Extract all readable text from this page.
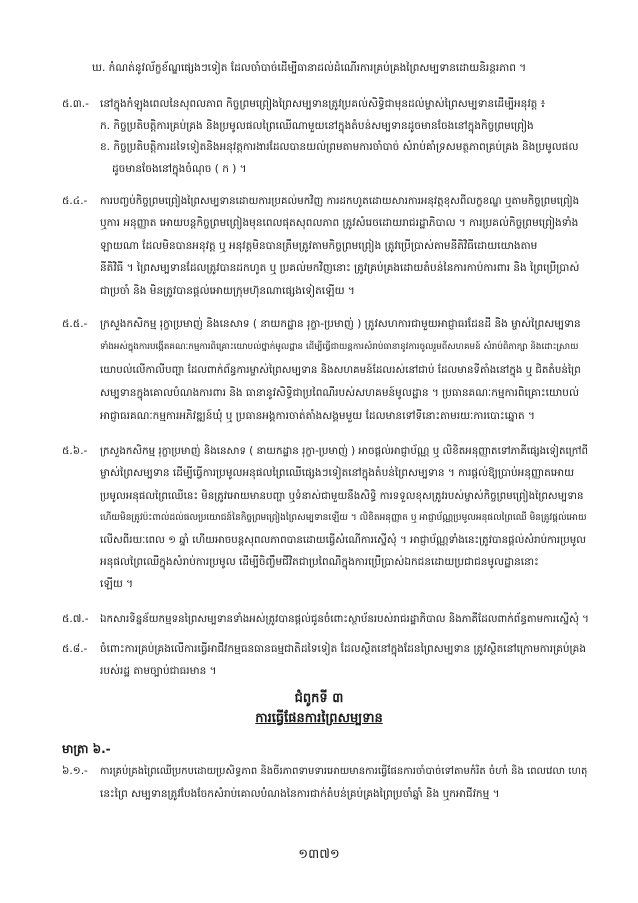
ឃ. កំណត់នូវល័ក្ខខ័ណ្ឌផ្សេងៗទៀត ដែលចាំបាច់ដើម្បីធានាដល់ដំណើរការគ្រប់គ្រងព្រៃសម្បទានដោយនិរន្តរភាព ។
៥.៣.- នៅក្នុងកំឡុងពេលនៃសុពលភាព កិច្ចព្រមព្រៀងព្រៃសម្បទានត្រូវប្រគល់សិទ្ធិជាមុនដល់ម្ចាស់ព្រៃសម្បទានដើម្បីអនុវត្ត ៖
ក. កិច្ចប្រតិបត្តិការគ្រប់គ្រង និងប្រមូលផលព្រៃឈើណាមួយនៅក្នុងតំបន់សម្បទានដូចមានចែងនៅក្នុងកិច្ចព្រមព្រៀង
ខ. កិច្ចប្រតិបត្តិការដទៃទៀតនិងអនុវត្តការងារដែលបានយល់ព្រមតាមការចាំបាច់ សំរាប់គាំទ្រសមត្ថភាពគ្រប់គ្រង និងប្រមូលផល
ដូចមានចែងនៅក្នុងចំណុច ( ក ) ។
៥.៤.- ការបញ្ចប់កិច្ចព្រមព្រៀងព្រៃសម្បទានដោយការប្រគល់មកវិញ ការដកហូតដោយសារការអនុវត្តខុសពីលក្ខខណ្ឌ ឬតាមកិច្ចព្រមព្រៀង
ឬការ អនុញ្ញាត អោយបន្តកិច្ចព្រមព្រៀងមុនពេលផុតសុពលភាព ត្រូវសំរេចដោយរាជរដ្ឋាភិបាល ។ ការប្រគល់កិច្ចព្រមព្រៀងទាំង
ឡាយណា ដែលមិនបានអនុវត្ត ឬ អនុវត្តមិនបានត្រឹមត្រូវតាមកិច្ចព្រមព្រៀង ត្រូវប្រើប្រាស់តាមនីតិវិធីដោយយោងតាម
នីតិវិធី ។ ព្រៃសម្បទានដែលត្រូវបានដកហូត ឬ ប្រគល់មកវិញនោះ ត្រូវគ្រប់គ្រងដោយតំបន់នៃការកាប់ការពារ និង ព្រៃប្រើប្រាស់
ជាប្រចាំ និង មិនត្រូវបានផ្តល់អោយក្រុមហ៊ុនណាផ្សេងទៀតឡើយ ។
៥.៥.- ក្រសួងកសិកម្ម រុក្ខាប្រមាញ់ និងនេសាទ ( នាយកដ្ឋាន រុក្ខា-ប្រមាញ់ ) ត្រូវសហការជាមួយអាជ្ញាធរដែនដី និង ម្ចាស់ព្រៃសម្បទាន
ទាំងអស់ក្នុងការបង្កើតគណៈកម្មការពិគ្រោះយោបល់ថ្នាក់មូលដ្ឋាន ដើម្បីធ្វើជាយន្តការសំរាប់ធានានូវការចូលរួមពីសហគមន៍ សំរាប់ពិភាក្សា និងដោះស្រាយ
យោបល់លើកាលីបញ្ហា ដែលពាក់ព័ន្ធការម្ចាស់ព្រៃសម្បទាន និងសហគមន៍ដែលរស់នៅជាប់ ដែលមានទីតាំងនៅក្នុង ឬ ជិតតំបន់ព្រៃ
សម្បទានក្នុងគោលបំណងការពារ និង ធានានូវសិទ្ធិជាប្រពៃណីរបស់សហគមន៍មូលដ្ឋាន ។ ប្រធានគណៈកម្មការពិគ្រោះយោបល់
អាជ្ញាធរគណៈកម្មការអភិវឌ្ឍន៍ឃុំ ឬ ប្រធានអង្គការចាត់តាំងសង្គមមួយ ដែលមានទៅទីនោះតាមរយៈការបោះឆ្នោត ។
៥.៦.- ក្រសួងកសិកម្ម រុក្ខាប្រមាញ់ និងនេសាទ ( នាយកដ្ឋាន រុក្ខា-ប្រមាញ់ ) អាចផ្តល់អាជ្ញាប័ណ្ណ ឬ លិខិតអនុញ្ញាតទៅភាគីផ្សេងទៀតក្រៅពី
ម្ចាស់ព្រៃសម្បទាន ដើម្បីធ្វើការប្រមូលអនុផលព្រៃឈើផ្សេងៗទៀតនៅក្នុងតំបន់ព្រៃសម្បទាន ។ ការផ្តល់ឱ្យប្រាប់អនុញ្ញាតអោយ
ប្រមូលអនុផលព្រៃឈើនេះ មិនត្រូវអោយមានបញ្ហា ឬទំនាស់ជាមួយនឹងសិទ្ធិ ការទទួលខុសត្រូវរបស់ម្ចាស់កិច្ចព្រមព្រៀងព្រៃសម្បទាន
ហើយមិនត្រូវប៉ះពាល់ដល់ផលប្រយោជន៍នៃកិច្ចព្រមព្រៀងព្រៃសម្បទានឡើយ ។ លិខិតអនុញ្ញាត ឬ អាជ្ញាប័ណ្ណប្រមូលអនុផលព្រៃឈើ មិនត្រូវផ្តល់អោយ
លើសពីរយៈពេល ១ ឆ្នាំ ហើយអាចបន្តសុពលភាពបានដោយធ្វើសំណើការស្នើសុំ ។ អាជ្ញាប័ណ្ណទាំងនេះត្រូវបានផ្តល់សំរាប់ការប្រមូល
អនុផលព្រៃឈើក្នុងសំរាប់ការប្រមូល ដើម្បីចិញ្ចឹមជីវិតជាប្រពៃណីក្នុងការប្រើប្រាស់ឯកជនដោយប្រជាជនមូលដ្ឋាននោះ
ឡើយ ។
៥.៧.- ឯកសារទិន្នន័យកម្មទនព្រៃសម្បទានទាំងអស់ត្រូវបានផ្តល់ជូនចំពោះស្ថាប័នរបស់រាជរដ្ឋាភិបាល និងភាគីដែលពាក់ព័ន្ធតាមការស្នើសុំ ។
៥.៨.- ចំពោះការគ្រប់គ្រងលើការធ្វើអាជីវកម្មធនធានធម្មជាតិដទៃទៀត ដែលស្ថិតនៅក្នុងដែនព្រៃសម្បទាន ត្រូវស្ថិតនៅក្រោមការគ្រប់គ្រង
របស់រដ្ឋ តាមច្បាប់ជាធរមាន ។
ជំពូកទី ៣
ការធ្វើផែនការព្រៃសម្បទាន
មាត្រា ៦.-
៦.១.- ការគ្រប់គ្រងព្រៃឈើប្រកបដោយប្រសិទ្ធភាព និងចីរភាពទាមទារអោយមានការធ្វើផែនការចាំបាច់ទៅតាមកំរិត ចំហាំ និង ពេលវេលា ហេតុ
នេះព្រៃ សម្បទានត្រូវបែងចែកសំរាប់គោលបំណងនៃការជាក់តំបន់គ្រប់គ្រងព្រៃប្រចាំឆ្នាំ និង ឬកអាជីវកម្ម ។
១៣៧១
